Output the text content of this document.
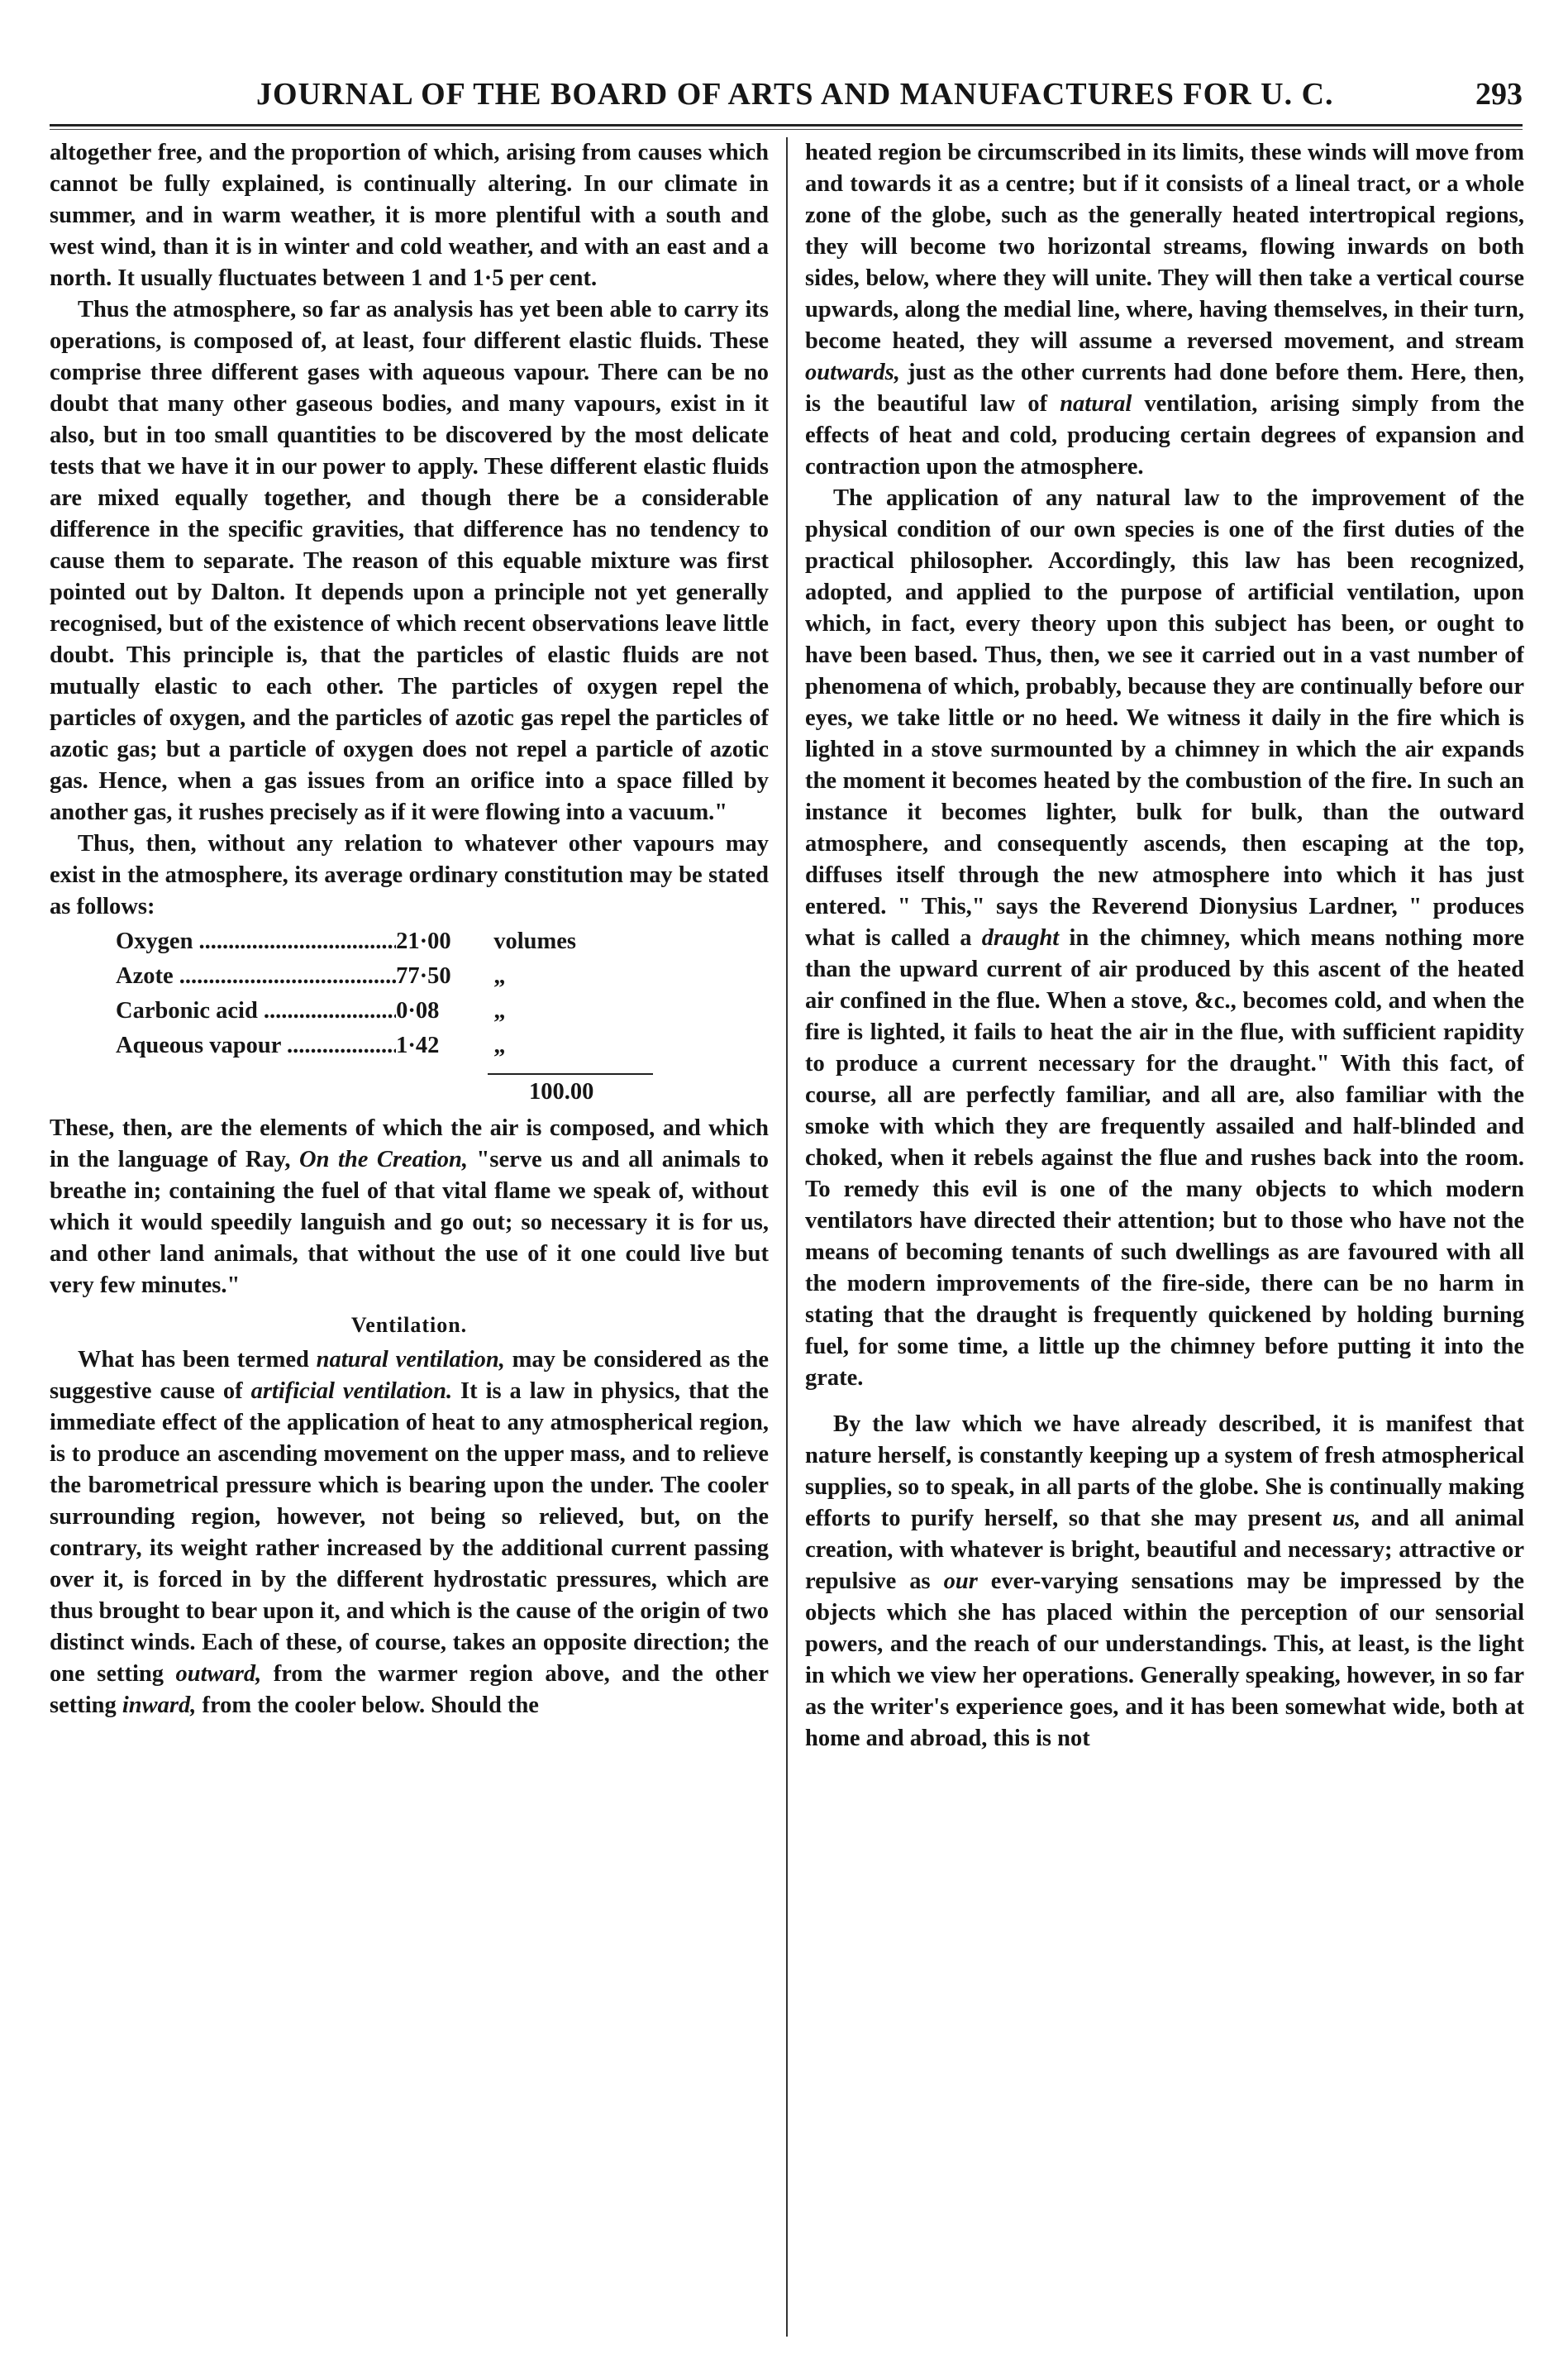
JOURNAL OF THE BOARD OF ARTS AND MANUFACTURES FOR U. C.	293

altogether free, and the proportion of which, arising from causes which cannot be fully explained, is continually altering. In our climate in summer, and in warm weather, it is more plentiful with a south and west wind, than it is in winter and cold weather, and with an east and a north. It usually fluctuates between 1 and 1·5 per cent.

Thus the atmosphere, so far as analysis has yet been able to carry its operations, is composed of, at least, four different elastic fluids. These comprise three different gases with aqueous vapour. There can be no doubt that many other gaseous bodies, and many vapours, exist in it also, but in too small quantities to be discovered by the most delicate tests that we have it in our power to apply. These different elastic fluids are mixed equally together, and though there be a considerable difference in the specific gravities, that difference has no tendency to cause them to separate. The reason of this equable mixture was first pointed out by Dalton. It depends upon a principle not yet generally recognised, but of the existence of which recent observations leave little doubt. This principle is, that the particles of elastic fluids are not mutually elastic to each other. The particles of oxygen repel the particles of oxygen, and the particles of azotic gas repel the particles of azotic gas; but a particle of oxygen does not repel a particle of azotic gas. Hence, when a gas issues from an orifice into a space filled by another gas, it rushes precisely as if it were flowing into a vacuum."

Thus, then, without any relation to whatever other vapours may exist in the atmosphere, its average ordinary constitution may be stated as follows:

Oxygen .....	21·00	volumes
Azote .....	77·50	„
Carbonic acid .....	0·08	„
Aqueous vapour .....	1·42	„
100.00

These, then, are the elements of which the air is composed, and which in the language of Ray, On the Creation, "serve us and all animals to breathe in; containing the fuel of that vital flame we speak of, without which it would speedily languish and go out; so necessary it is for us, and other land animals, that without the use of it one could live but very few minutes."

Ventilation.

What has been termed natural ventilation, may be considered as the suggestive cause of artificial ventilation. It is a law in physics, that the immediate effect of the application of heat to any atmospherical region, is to produce an ascending movement on the upper mass, and to relieve the barometrical pressure which is bearing upon the under. The cooler surrounding region, however, not being so relieved, but, on the contrary, its weight rather increased by the additional current passing over it, is forced in by the different hydrostatic pressures, which are thus brought to bear upon it, and which is the cause of the origin of two distinct winds. Each of these, of course, takes an opposite direction; the one setting outward, from the warmer region above, and the other setting inward, from the cooler below. Should the

heated region be circumscribed in its limits, these winds will move from and towards it as a centre; but if it consists of a lineal tract, or a whole zone of the globe, such as the generally heated intertropical regions, they will become two horizontal streams, flowing inwards on both sides, below, where they will unite. They will then take a vertical course upwards, along the medial line, where, having themselves, in their turn, become heated, they will assume a reversed movement, and stream outwards, just as the other currents had done before them. Here, then, is the beautiful law of natural ventilation, arising simply from the effects of heat and cold, producing certain degrees of expansion and contraction upon the atmosphere.

The application of any natural law to the improvement of the physical condition of our own species is one of the first duties of the practical philosopher. Accordingly, this law has been recognized, adopted, and applied to the purpose of artificial ventilation, upon which, in fact, every theory upon this subject has been, or ought to have been based. Thus, then, we see it carried out in a vast number of phenomena of which, probably, because they are continually before our eyes, we take little or no heed. We witness it daily in the fire which is lighted in a stove surmounted by a chimney in which the air expands the moment it becomes heated by the combustion of the fire. In such an instance it becomes lighter, bulk for bulk, than the outward atmosphere, and consequently ascends, then escaping at the top, diffuses itself through the new atmosphere into which it has just entered. " This," says the Reverend Dionysius Lardner, " produces what is called a draught in the chimney, which means nothing more than the upward current of air produced by this ascent of the heated air confined in the flue. When a stove, &c., becomes cold, and when the fire is lighted, it fails to heat the air in the flue, with sufficient rapidity to produce a current necessary for the draught." With this fact, of course, all are perfectly familiar, and all are, also familiar with the smoke with which they are frequently assailed and half-blinded and choked, when it rebels against the flue and rushes back into the room. To remedy this evil is one of the many objects to which modern ventilators have directed their attention; but to those who have not the means of becoming tenants of such dwellings as are favoured with all the modern improvements of the fire-side, there can be no harm in stating that the draught is frequently quickened by holding burning fuel, for some time, a little up the chimney before putting it into the grate.

By the law which we have already described, it is manifest that nature herself, is constantly keeping up a system of fresh atmospherical supplies, so to speak, in all parts of the globe. She is continually making efforts to purify herself, so that she may present us, and all animal creation, with whatever is bright, beautiful and necessary; attractive or repulsive as our ever-varying sensations may be impressed by the objects which she has placed within the perception of our sensorial powers, and the reach of our understandings. This, at least, is the light in which we view her operations. Generally speaking, however, in so far as the writer's experience goes, and it has been somewhat wide, both at home and abroad, this is not
